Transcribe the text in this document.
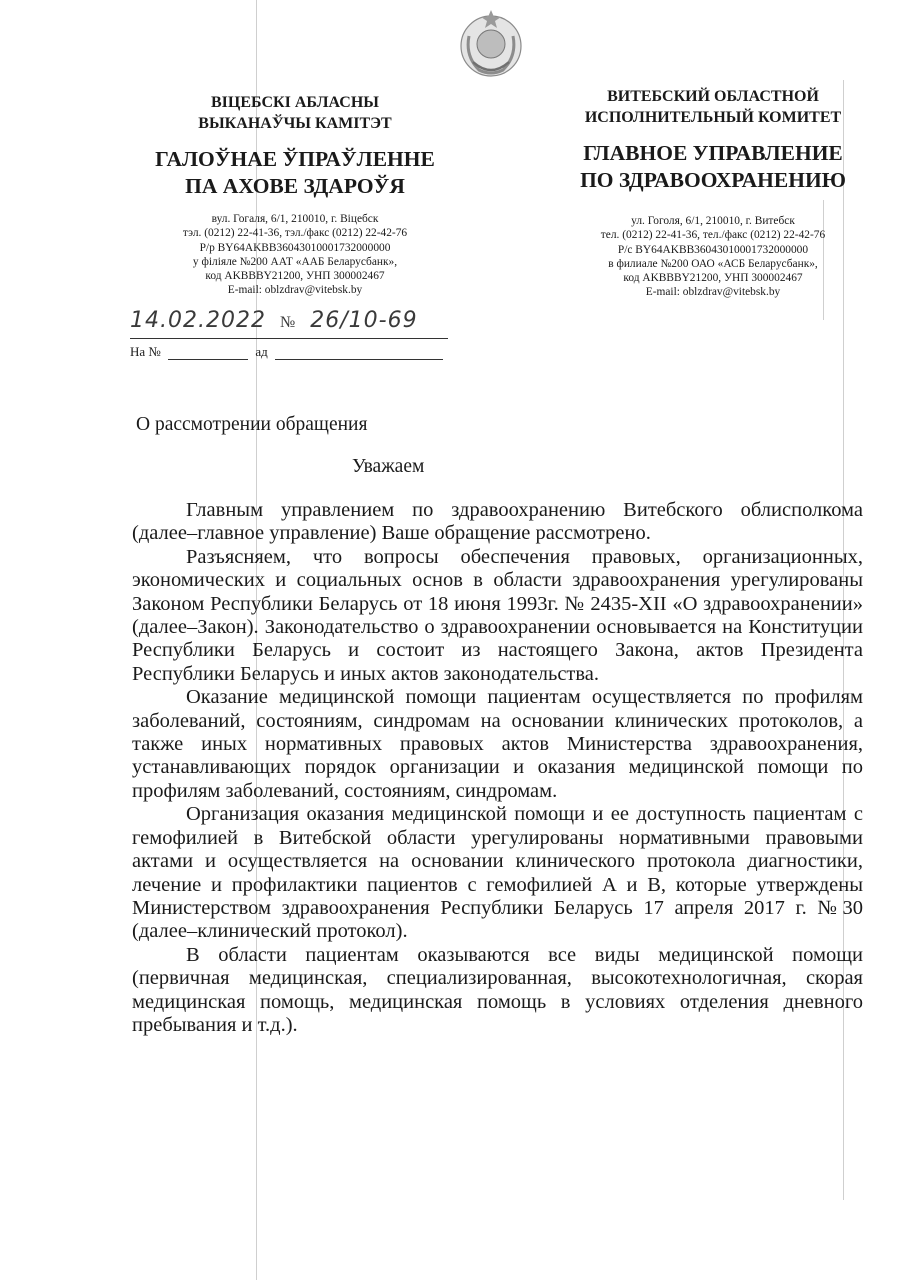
ВІЦЕБСКІ АБЛАСНЫ
ВЫКАНАЎЧЫ КАМІТЭТ
ГАЛОЎНАЕ ЎПРАЎЛЕННЕ
ПА АХОВЕ ЗДАРОЎЯ
вул. Гогаля, 6/1, 210010, г. Віцебск
тэл. (0212) 22-41-36, тэл./факс (0212) 22-42-76
Р/р BY64AKBB36043010001732000000
у філіяле №200 ААТ «ААБ Беларусбанк»,
код AKBBBY21200, УНП 300002467
E-mail: oblzdrav@vitebsk.by
ВИТЕБСКИЙ ОБЛАСТНОЙ
ИСПОЛНИТЕЛЬНЫЙ КОМИТЕТ
ГЛАВНОЕ УПРАВЛЕНИЕ
ПО ЗДРАВООХРАНЕНИЮ
ул. Гоголя, 6/1, 210010, г. Витебск
тел. (0212) 22-41-36, тел./факс (0212) 22-42-76
Р/с BY64AKBB36043010001732000000
в филиале №200 ОАО «АСБ Беларусбанк»,
код AKBBBY21200, УНП 300002467
E-mail: oblzdrav@vitebsk.by
14.02.2022 № 26/10-69
На №	ад
О рассмотрении обращения
Уважаем

Главным управлением по здравоохранению Витебского облисполкома (далее–главное управление) Ваше обращение рассмотрено.

Разъясняем, что вопросы обеспечения правовых, организационных, экономических и социальных основ в области здравоохранения урегулированы Законом Республики Беларусь от 18 июня 1993г. № 2435-XII «О здравоохранении» (далее–Закон). Законодательство о здравоохранении основывается на Конституции Республики Беларусь и состоит из настоящего Закона, актов Президента Республики Беларусь и иных актов законодательства.

Оказание медицинской помощи пациентам осуществляется по профилям заболеваний, состояниям, синдромам на основании клинических протоколов, а также иных нормативных правовых актов Министерства здравоохранения, устанавливающих порядок организации и оказания медицинской помощи по профилям заболеваний, состояниям, синдромам.

Организация оказания медицинской помощи и ее доступность пациентам с гемофилией в Витебской области урегулированы нормативными правовыми актами и осуществляется на основании клинического протокола диагностики, лечение и профилактики пациентов с гемофилией А и В, которые утверждены Министерством здравоохранения Республики Беларусь 17 апреля 2017 г. №30 (далее–клинический протокол).

В области пациентам оказываются все виды медицинской помощи (первичная медицинская, специализированная, высокотехнологичная, скорая медицинская помощь, медицинская помощь в условиях отделения дневного пребывания и т.д.).
